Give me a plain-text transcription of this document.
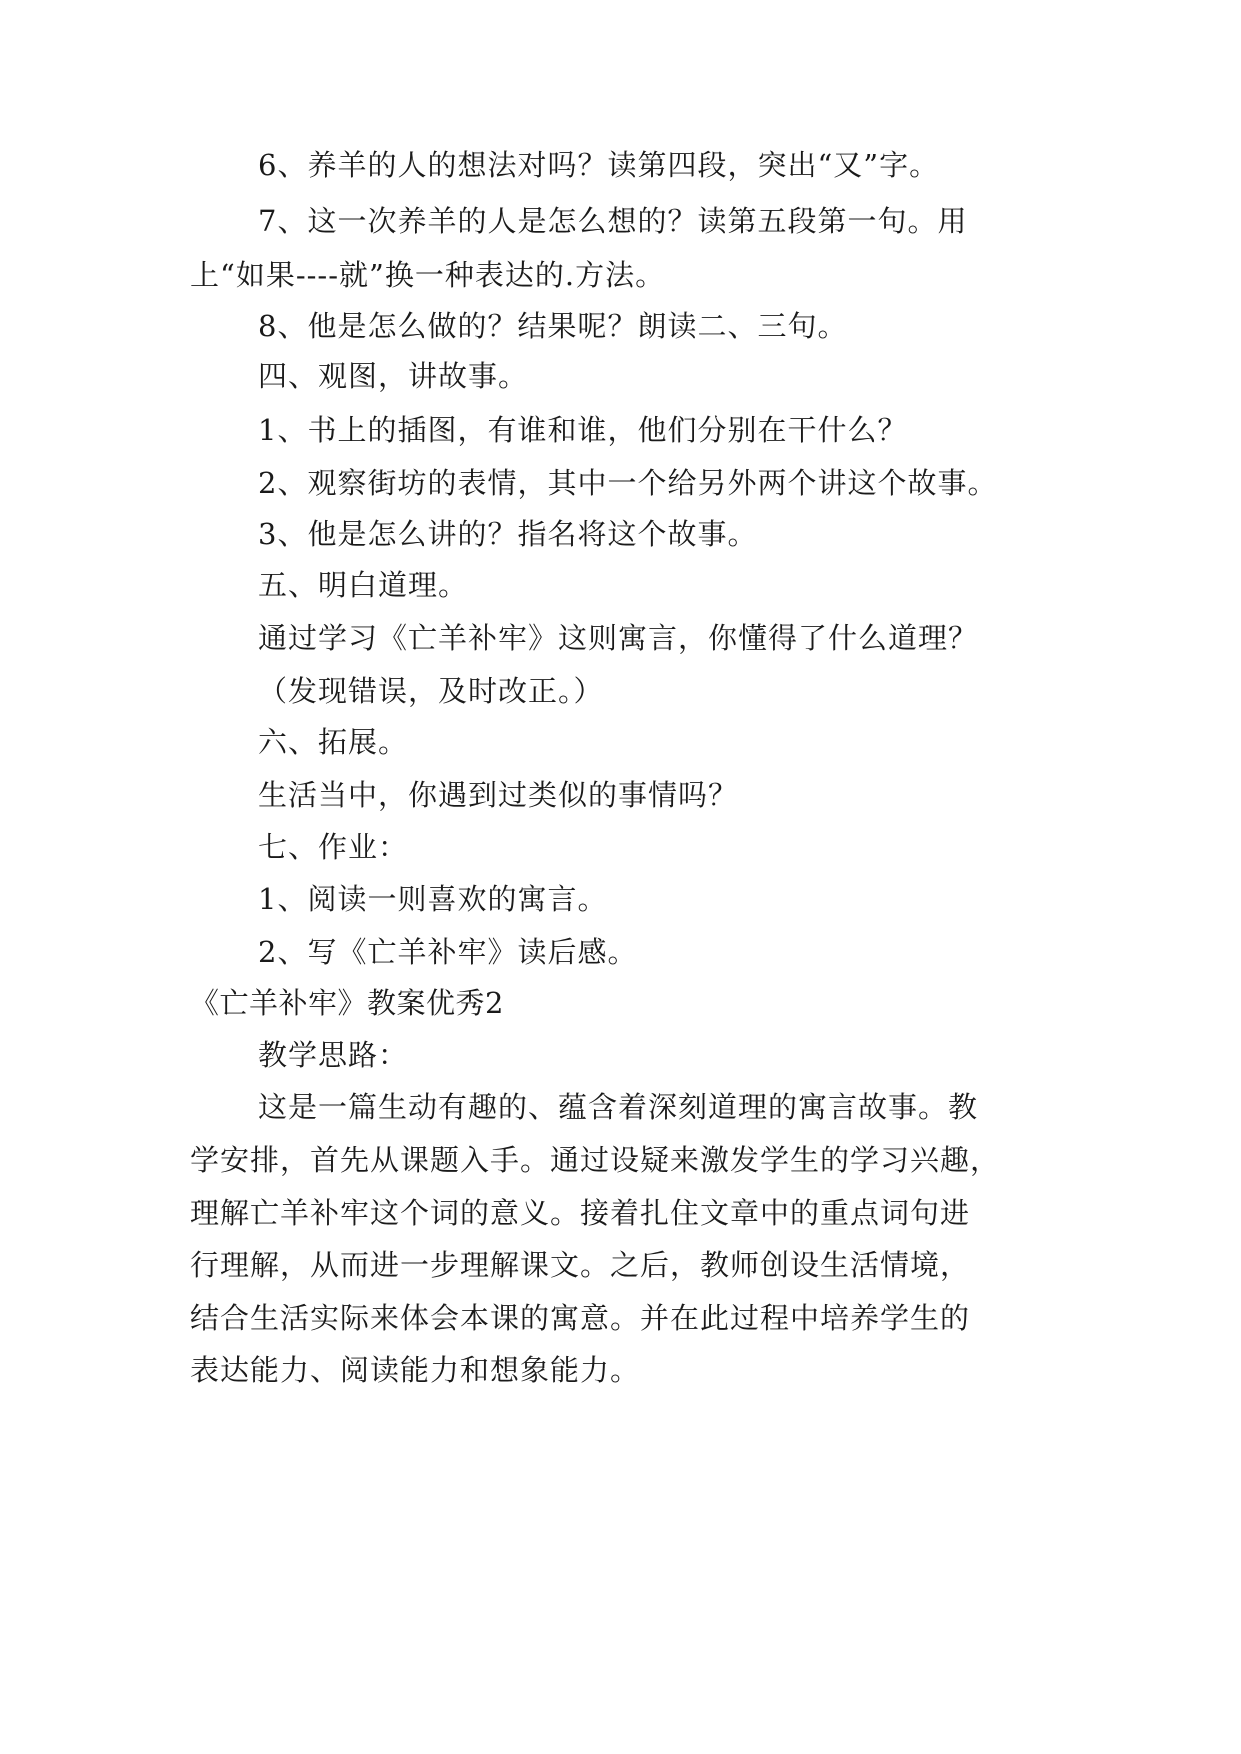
6、养羊的人的想法对吗？读第四段，突出“又”字。
7、这一次养羊的人是怎么想的？读第五段第一句。用
上“如果----就”换一种表达的.方法。
8、他是怎么做的？结果呢？朗读二、三句。
四、观图，讲故事。
1、书上的插图，有谁和谁，他们分别在干什么？
2、观察街坊的表情，其中一个给另外两个讲这个故事。
3、他是怎么讲的？指名将这个故事。
五、明白道理。
通过学习《亡羊补牢》这则寓言，你懂得了什么道理？
（发现错误，及时改正。）
六、拓展。
生活当中，你遇到过类似的事情吗？
七、作业：
1、阅读一则喜欢的寓言。
2、写《亡羊补牢》读后感。
《亡羊补牢》教案优秀2
教学思路：
这是一篇生动有趣的、蕴含着深刻道理的寓言故事。教
学安排，首先从课题入手。通过设疑来激发学生的学习兴趣，
理解亡羊补牢这个词的意义。接着扎住文章中的重点词句进
行理解，从而进一步理解课文。之后，教师创设生活情境，
结合生活实际来体会本课的寓意。并在此过程中培养学生的
表达能力、阅读能力和想象能力。
